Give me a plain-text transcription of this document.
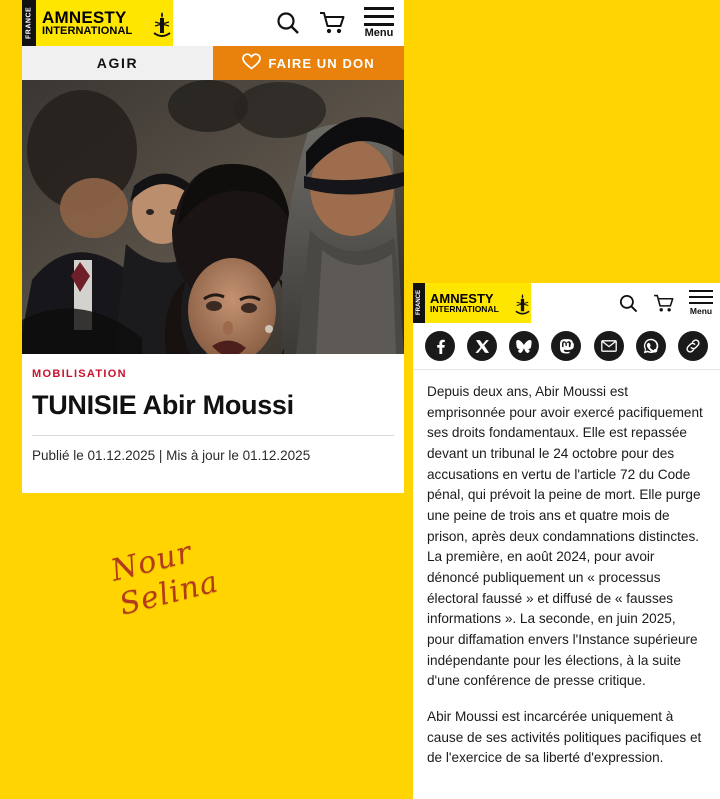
FRANCE AMNESTY
INTERNATIONAL	Menu
AGIR	FAIRE UN DON
MOBILISATION
TUNISIE Abir Moussi
Publié le 01.12.2025 | Mis à jour le 01.12.2025
Nour Selina
FRANCE AMNESTY
INTERNATIONAL	Menu

Depuis deux ans, Abir Moussi est emprisonnée pour avoir exercé pacifiquement ses droits fondamentaux. Elle est repassée devant un tribunal le 24 octobre pour des accusations en vertu de l'article 72 du Code pénal, qui prévoit la peine de mort. Elle purge une peine de trois ans et quatre mois de prison, après deux condamnations distinctes. La première, en août 2024, pour avoir dénoncé publiquement un « processus électoral faussé » et diffusé de « fausses informations ». La seconde, en juin 2025, pour diffamation envers l'Instance supérieure indépendante pour les élections, à la suite d'une conférence de presse critique.

Abir Moussi est incarcérée uniquement à cause de ses activités politiques pacifiques et de l'exercice de sa liberté d'expression.
